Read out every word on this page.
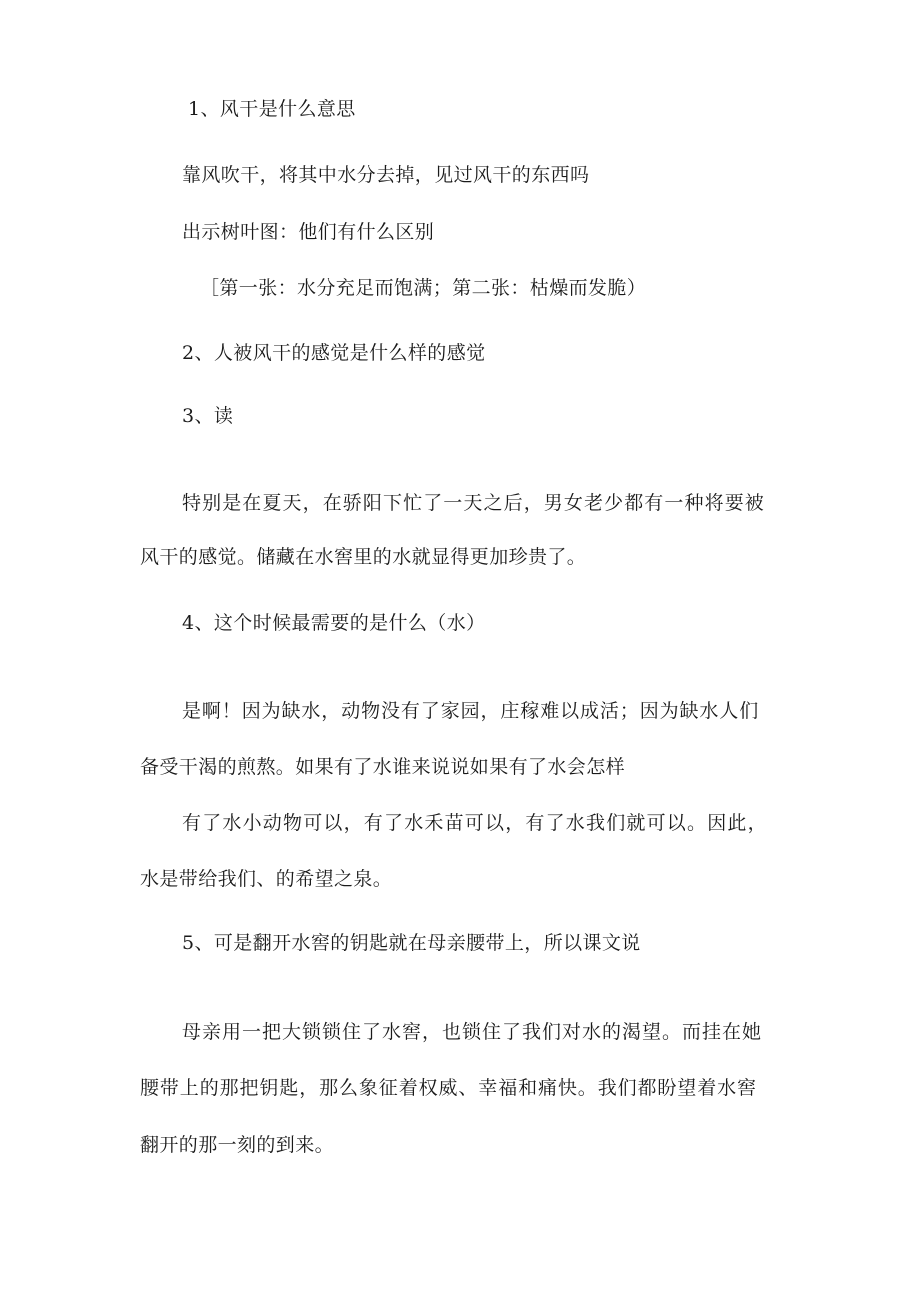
1、风干是什么意思
靠风吹干，将其中水分去掉，见过风干的东西吗
出示树叶图：他们有什么区别
［第一张：水分充足而饱满；第二张：枯燥而发脆）
2、人被风干的感觉是什么样的感觉
3、读
特别是在夏天，在骄阳下忙了一天之后，男女老少都有一种将要被
风干的感觉。储藏在水窖里的水就显得更加珍贵了。
4、这个时候最需要的是什么（水）
是啊！因为缺水，动物没有了家园，庄稼难以成活；因为缺水人们
备受干渴的煎熬。如果有了水谁来说说如果有了水会怎样
有了水小动物可以，有了水禾苗可以，有了水我们就可以。因此，
水是带给我们、的希望之泉。
5、可是翻开水窖的钥匙就在母亲腰带上，所以课文说
母亲用一把大锁锁住了水窖，也锁住了我们对水的渴望。而挂在她
腰带上的那把钥匙，那么象征着权威、幸福和痛快。我们都盼望着水窖
翻开的那一刻的到来。
